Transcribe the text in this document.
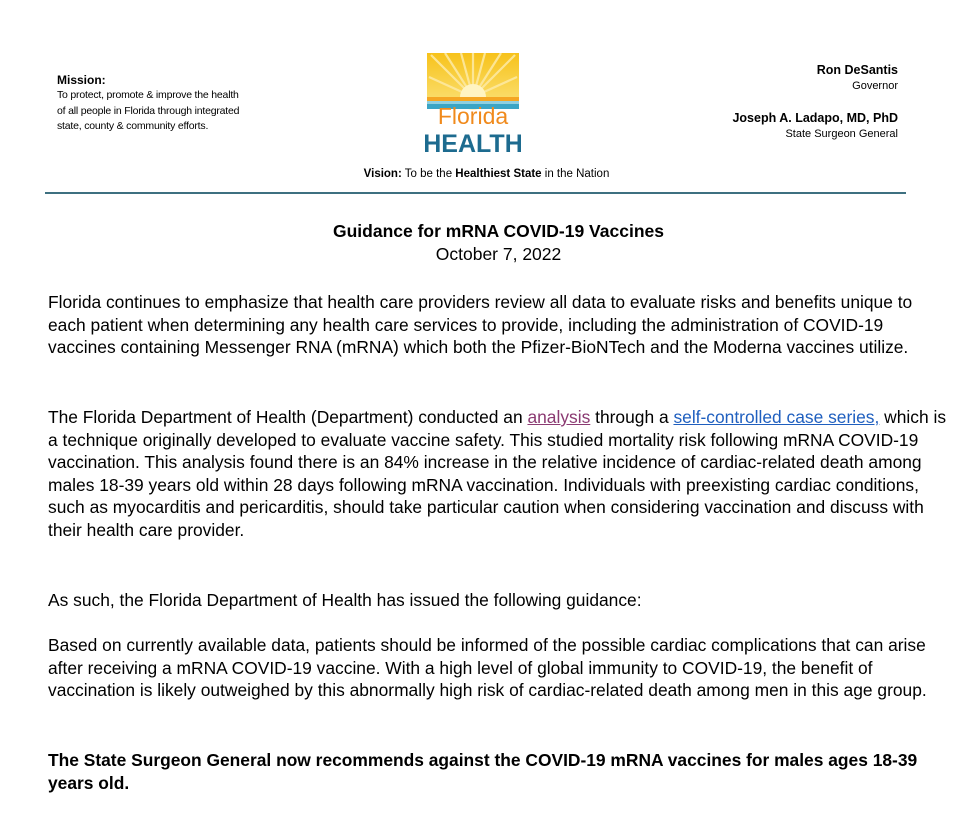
Mission:
To protect, promote & improve the health
of all people in Florida through integrated
state, county & community efforts.	Florida
HEALTH
Ron DeSantis
Governor
Joseph A. Ladapo, MD, PhD
State Surgeon General
Vision: To be the Healthiest State in the Nation
Guidance for mRNA COVID-19 Vaccines
October 7, 2022
Florida continues to emphasize that health care providers review all data to evaluate risks and benefits unique to each patient when determining any health care services to provide, including the administration of COVID-19 vaccines containing Messenger RNA (mRNA) which both the Pfizer-BioNTech and the Moderna vaccines utilize.
The Florida Department of Health (Department) conducted an analysis through a self-controlled case series, which is a technique originally developed to evaluate vaccine safety. This studied mortality risk following mRNA COVID-19 vaccination. This analysis found there is an 84% increase in the relative incidence of cardiac-related death among males 18-39 years old within 28 days following mRNA vaccination. Individuals with preexisting cardiac conditions, such as myocarditis and pericarditis, should take particular caution when considering vaccination and discuss with their health care provider.
As such, the Florida Department of Health has issued the following guidance:
Based on currently available data, patients should be informed of the possible cardiac complications that can arise after receiving a mRNA COVID-19 vaccine. With a high level of global immunity to COVID-19, the benefit of vaccination is likely outweighed by this abnormally high risk of cardiac-related death among men in this age group.
The State Surgeon General now recommends against the COVID-19 mRNA vaccines for males ages 18-39 years old.
